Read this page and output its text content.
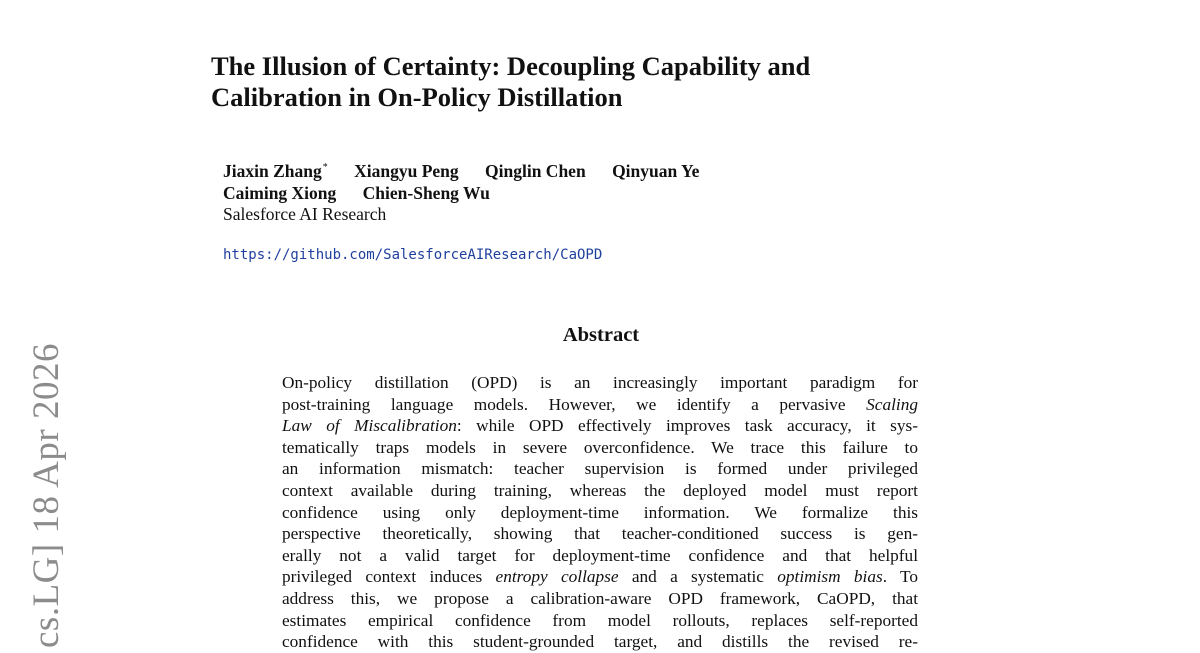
cs.LG] 18 Apr 2026
The Illusion of Certainty: Decoupling Capability and
Calibration in On-Policy Distillation
Jiaxin Zhang* Xiangyu Peng Qinglin Chen Qinyuan Ye
Caiming Xiong Chien-Sheng Wu
Salesforce AI Research
https://github.com/SalesforceAIResearch/CaOPD
Abstract
On-policy distillation (OPD) is an increasingly important paradigm for
post-training language models. However, we identify a pervasive Scaling
Law of Miscalibration: while OPD effectively improves task accuracy, it sys-
tematically traps models in severe overconfidence. We trace this failure to
an information mismatch: teacher supervision is formed under privileged
context available during training, whereas the deployed model must report
confidence using only deployment-time information. We formalize this
perspective theoretically, showing that teacher-conditioned success is gen-
erally not a valid target for deployment-time confidence and that helpful
privileged context induces entropy collapse and a systematic optimism bias. To
address this, we propose a calibration-aware OPD framework, CaOPD, that
estimates empirical confidence from model rollouts, replaces self-reported
confidence with this student-grounded target, and distills the revised re-
